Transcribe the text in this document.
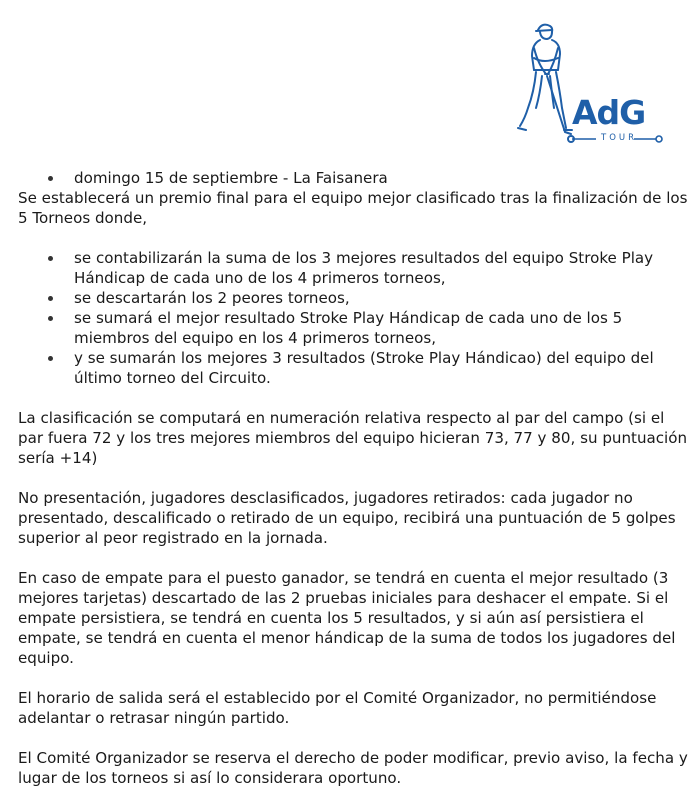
AdG
TOUR
domingo 15 de septiembre - La Faisanera

Se establecerá un premio final para el equipo mejor clasificado tras la finalización de los 5 Torneos donde,

se contabilizarán la suma de los 3 mejores resultados del equipo Stroke Play Hándicap de cada uno de los 4 primeros torneos,
se descartarán los 2 peores torneos,
se sumará el mejor resultado Stroke Play Hándicap de cada uno de los 5 miembros del equipo en los 4 primeros torneos,
y se sumarán los mejores 3 resultados (Stroke Play Hándicao) del equipo del último torneo del Circuito.

La clasificación se computará en numeración relativa respecto al par del campo (si el par fuera 72 y los tres mejores miembros del equipo hicieran 73, 77 y 80, su puntuación sería +14)

No presentación, jugadores desclasificados, jugadores retirados: cada jugador no presentado, descalificado o retirado de un equipo, recibirá una puntuación de 5 golpes superior al peor registrado en la jornada.

En caso de empate para el puesto ganador, se tendrá en cuenta el mejor resultado (3 mejores tarjetas) descartado de las 2 pruebas iniciales para deshacer el empate. Si el empate persistiera, se tendrá en cuenta los 5 resultados, y si aún así persistiera el empate, se tendrá en cuenta el menor hándicap de la suma de todos los jugadores del equipo.

El horario de salida será el establecido por el Comité Organizador, no permitiéndose adelantar o retrasar ningún partido.

El Comité Organizador se reserva el derecho de poder modificar, previo aviso, la fecha y lugar de los torneos si así lo considerara oportuno.
